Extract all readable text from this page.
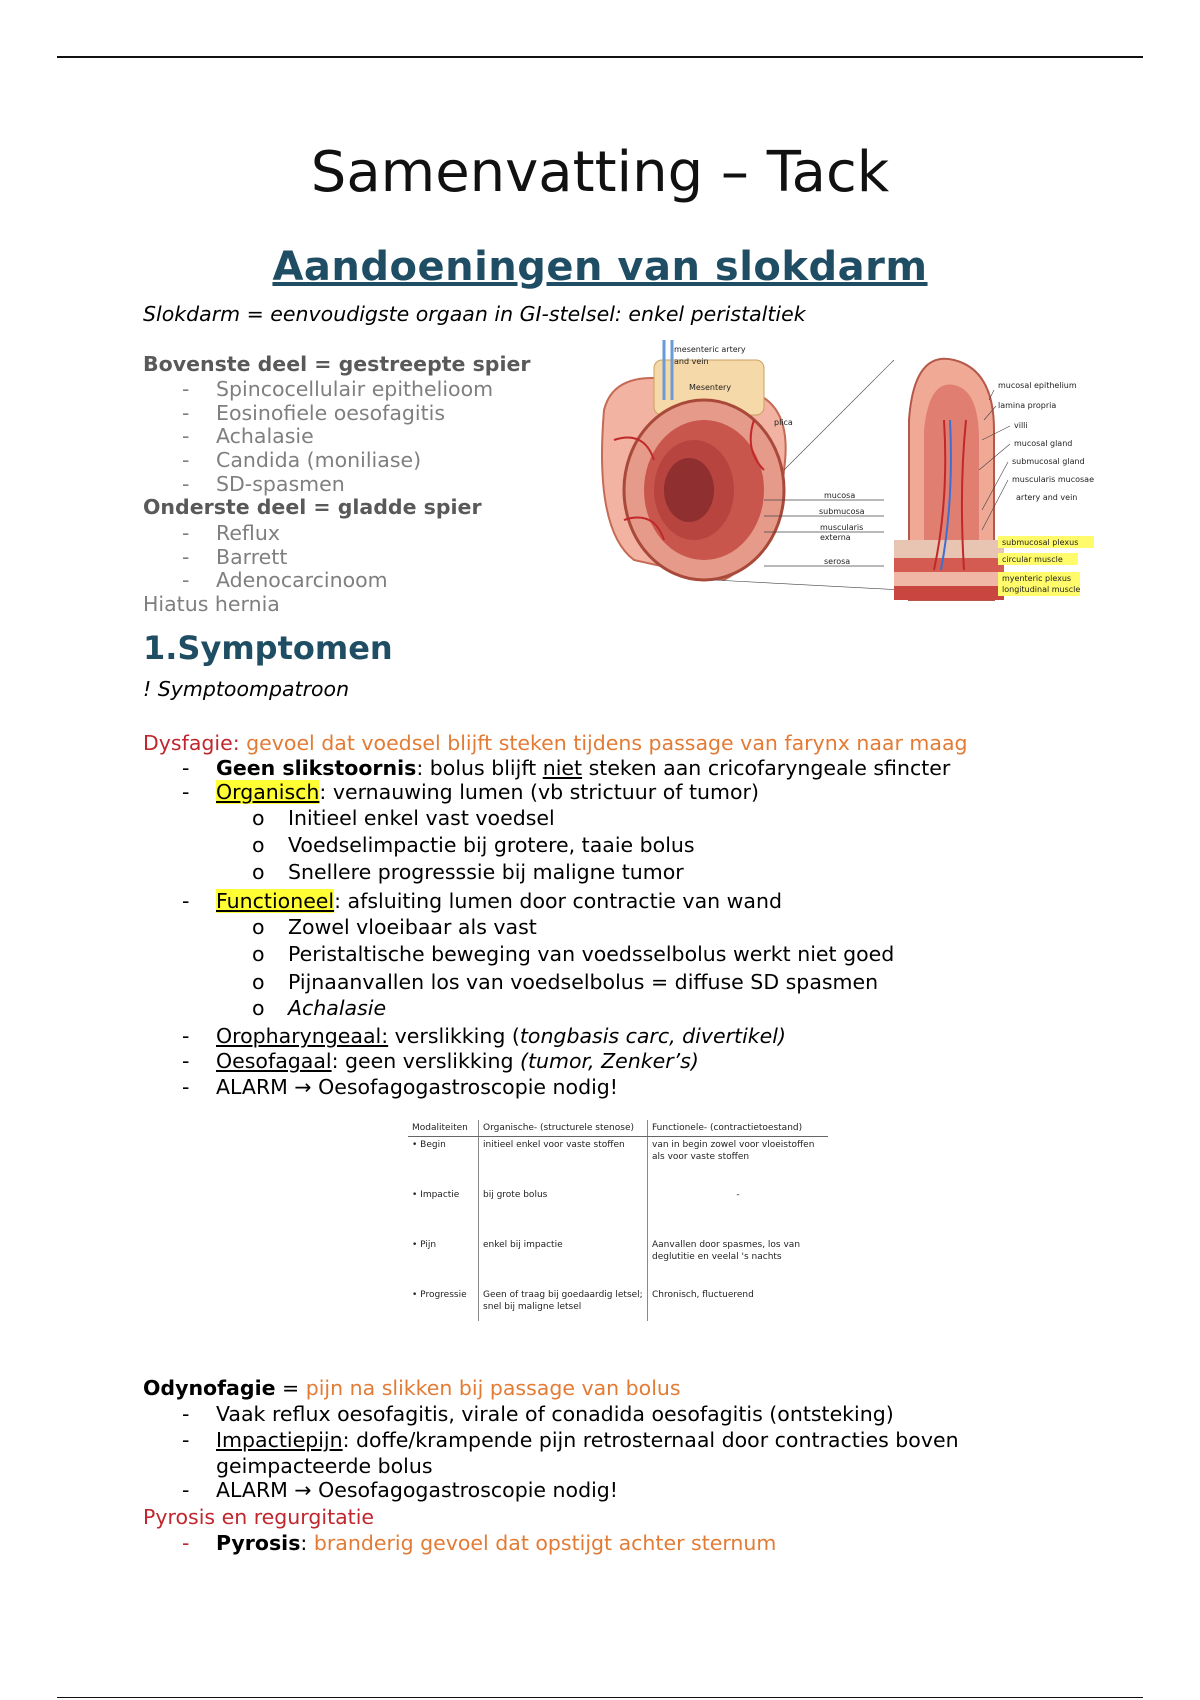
Samenvatting – Tack
Aandoeningen van slokdarm
Slokdarm = eenvoudigste orgaan in GI-stelsel: enkel peristaltiek
Bovenste deel = gestreepte spier
- Spincocellulair epithelioom
- Eosinofiele oesofagitis
- Achalasie
- Candida (moniliase)
- SD-spasmen
Onderste deel = gladde spier
- Reflux
- Barrett
- Adenocarcinoom
Hiatus hernia
mesenteric artery
and vein
Mesentery
plica
mucosa
submucosa
muscularis
externa
serosa
mucosal epithelium
lamina propria
villi
mucosal gland
submucosal gland
muscularis mucosae
artery and vein
submucosal plexus
circular muscle
myenteric plexus
longitudinal muscle
1.Symptomen
! Symptoompatroon
Dysfagie: gevoel dat voedsel blijft steken tijdens passage van farynx naar maag
- Geen slikstoornis: bolus blijft niet steken aan cricofaryngeale sfincter
- Organisch: vernauwing lumen (vb strictuur of tumor)
o Initieel enkel vast voedsel
o Voedselimpactie bij grotere, taaie bolus
o Snellere progresssie bij maligne tumor
- Functioneel: afsluiting lumen door contractie van wand
o Zowel vloeibaar als vast
o Peristaltische beweging van voedsselbolus werkt niet goed
o Pijnaanvallen los van voedselbolus = diffuse SD spasmen
o Achalasie
- Oropharyngeaal: verslikking (tongbasis carc, divertikel)
- Oesofagaal: geen verslikking (tumor, Zenker’s)
- ALARM → Oesofagogastroscopie nodig!
Modaliteiten	Organische- (structurele stenose)	Functionele- (contractietoestand)
• Begin	initieel enkel voor vaste stoffen	van in begin zowel voor vloeistoffen als voor vaste stoffen
• Impactie	bij grote bolus	-
• Pijn	enkel bij impactie	Aanvallen door spasmes, los van deglutitie en veelal 's nachts
• Progressie	Geen of traag bij goedaardig letsel; snel bij maligne letsel	Chronisch, fluctuerend
Odynofagie = pijn na slikken bij passage van bolus
- Vaak reflux oesofagitis, virale of conadida oesofagitis (ontsteking)
- Impactiepijn: doffe/krampende pijn retrosternaal door contracties boven
geimpacteerde bolus
- ALARM → Oesofagogastroscopie nodig!
Pyrosis en regurgitatie
- Pyrosis: branderig gevoel dat opstijgt achter sternum
